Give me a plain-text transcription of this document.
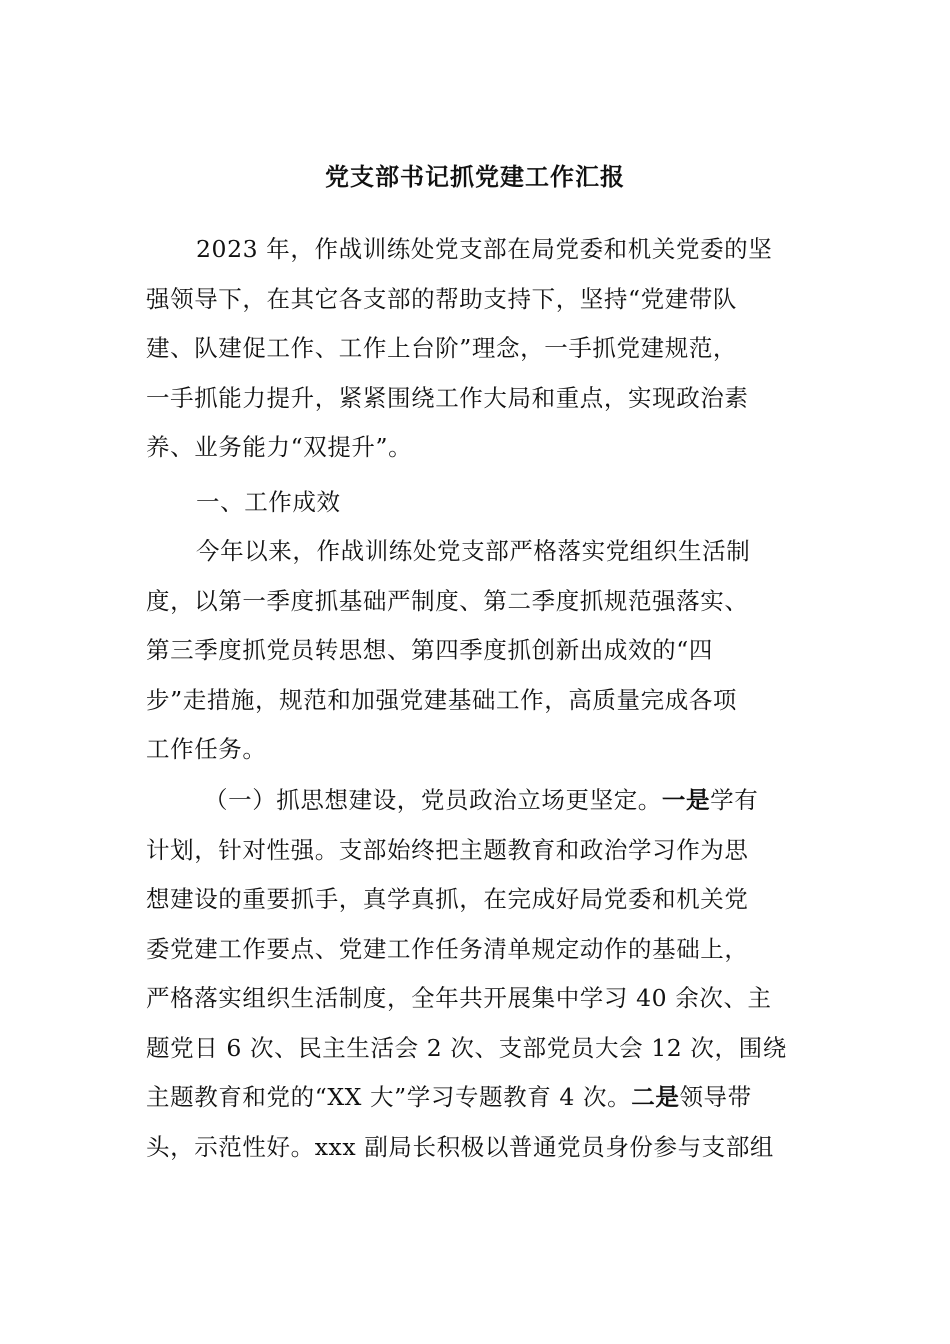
党支部书记抓党建工作汇报
2023 年，作战训练处党支部在局党委和机关党委的坚
强领导下，在其它各支部的帮助支持下，坚持“党建带队
建、队建促工作、工作上台阶”理念，一手抓党建规范，
一手抓能力提升，紧紧围绕工作大局和重点，实现政治素
养、业务能力“双提升”。
一、工作成效
今年以来，作战训练处党支部严格落实党组织生活制
度，以第一季度抓基础严制度、第二季度抓规范强落实、
第三季度抓党员转思想、第四季度抓创新出成效的“四
步”走措施，规范和加强党建基础工作，高质量完成各项
工作任务。
（一）抓思想建设，党员政治立场更坚定。一是学有
计划，针对性强。支部始终把主题教育和政治学习作为思
想建设的重要抓手，真学真抓，在完成好局党委和机关党
委党建工作要点、党建工作任务清单规定动作的基础上，
严格落实组织生活制度，全年共开展集中学习 40 余次、主
题党日 6 次、民主生活会 2 次、支部党员大会 12 次，围绕
主题教育和党的“XX 大”学习专题教育 4 次。二是领导带
头，示范性好。xxx 副局长积极以普通党员身份参与支部组
